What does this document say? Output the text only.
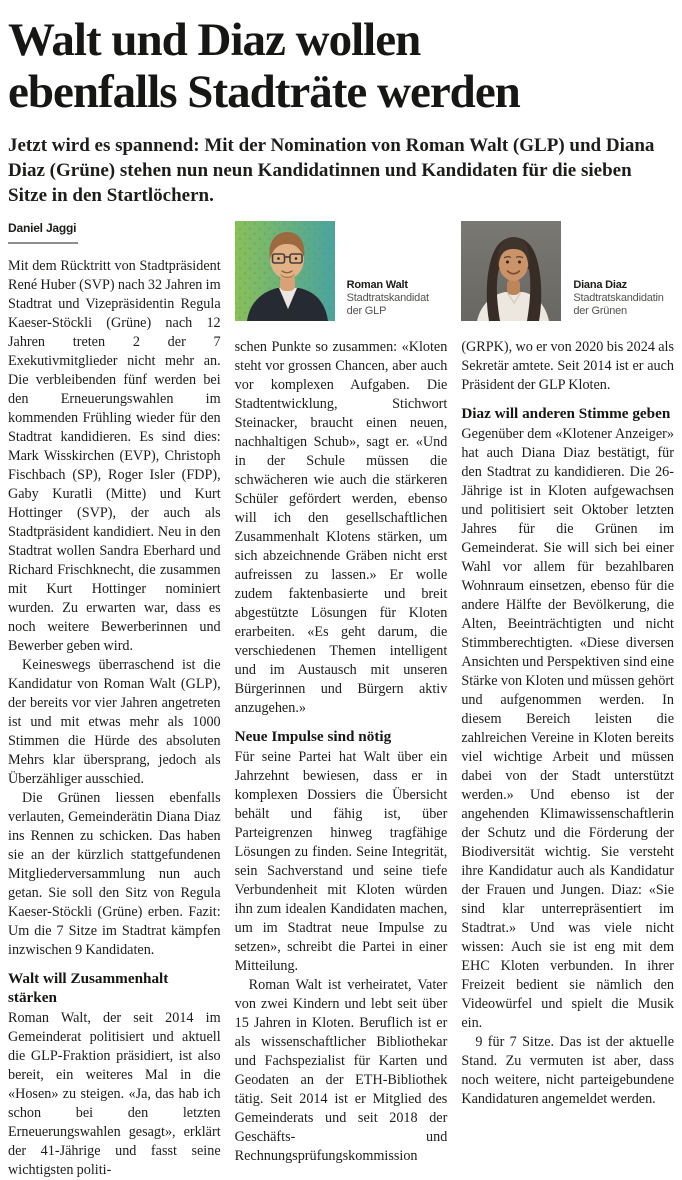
Walt und Diaz wollen
ebenfalls Stadträte werden

Jetzt wird es spannend: Mit der Nomination von Roman Walt (GLP) und Diana Diaz (Grüne) stehen nun neun Kandidatinnen und Kandidaten für die sieben Sitze in den Startlöchern.

Daniel Jaggi

Mit dem Rücktritt von Stadtpräsident René Huber (SVP) nach 32 Jahren im Stadtrat und Vizepräsidentin Regula Kaeser-Stöckli (Grüne) nach 12 Jahren treten 2 der 7 Exekutivmitglieder nicht mehr an. Die verbleibenden fünf werden bei den Erneuerungswahlen im kommenden Frühling wieder für den Stadtrat kandidieren. Es sind dies: Mark Wisskirchen (EVP), Christoph Fischbach (SP), Roger Isler (FDP), Gaby Kuratli (Mitte) und Kurt Hottinger (SVP), der auch als Stadtpräsident kandidiert. Neu in den Stadtrat wollen Sandra Eberhard und Richard Frischknecht, die zusammen mit Kurt Hottinger nominiert wurden. Zu erwarten war, dass es noch weitere Bewerberinnen und Bewerber geben wird.

Keineswegs überraschend ist die Kandidatur von Roman Walt (GLP), der bereits vor vier Jahren angetreten ist und mit etwas mehr als 1000 Stimmen die Hürde des absoluten Mehrs klar übersprang, jedoch als Überzähliger ausschied.

Die Grünen liessen ebenfalls verlauten, Gemeinderätin Diana Diaz ins Rennen zu schicken. Das haben sie an der kürzlich stattgefundenen Mitgliederversammlung nun auch getan. Sie soll den Sitz von Regula Kaeser-Stöckli (Grüne) erben. Fazit: Um die 7 Sitze im Stadtrat kämpfen inzwischen 9 Kandidaten.

Walt will Zusammenhalt stärken

Roman Walt, der seit 2014 im Gemeinderat politisiert und aktuell die GLP-Fraktion präsidiert, ist also bereit, ein weiteres Mal in die «Hosen» zu steigen. «Ja, das hab ich schon bei den letzten Erneuerungswahlen gesagt», erklärt der 41-Jährige und fasst seine wichtigsten politi-

Roman Walt
Stadtratskandidat
der GLP

schen Punkte so zusammen: «Kloten steht vor grossen Chancen, aber auch vor komplexen Aufgaben. Die Stadtentwicklung, Stichwort Steinacker, braucht einen neuen, nachhaltigen Schub», sagt er. «Und in der Schule müssen die schwächeren wie auch die stärkeren Schüler gefördert werden, ebenso will ich den gesellschaftlichen Zusammenhalt Klotens stärken, um sich abzeichnende Gräben nicht erst aufreissen zu lassen.» Er wolle zudem faktenbasierte und breit abgestützte Lösungen für Kloten erarbeiten. «Es geht darum, die verschiedenen Themen intelligent und im Austausch mit unseren Bürgerinnen und Bürgern aktiv anzugehen.»

Neue Impulse sind nötig

Für seine Partei hat Walt über ein Jahrzehnt bewiesen, dass er in komplexen Dossiers die Übersicht behält und fähig ist, über Parteigrenzen hinweg tragfähige Lösungen zu finden. Seine Integrität, sein Sachverstand und seine tiefe Verbundenheit mit Kloten würden ihn zum idealen Kandidaten machen, um im Stadtrat neue Impulse zu setzen», schreibt die Partei in einer Mitteilung.

Roman Walt ist verheiratet, Vater von zwei Kindern und lebt seit über 15 Jahren in Kloten. Beruflich ist er als wissenschaftlicher Bibliothekar und Fachspezialist für Karten und Geodaten an der ETH-Bibliothek tätig. Seit 2014 ist er Mitglied des Gemeinderats und seit 2018 der Geschäfts- und Rechnungsprüfungskommission

Diana Diaz
Stadtratskandidatin
der Grünen

(GRPK), wo er von 2020 bis 2024 als Sekretär amtete. Seit 2014 ist er auch Präsident der GLP Kloten.

Diaz will anderen Stimme geben

Gegenüber dem «Klotener Anzeiger» hat auch Diana Diaz bestätigt, für den Stadtrat zu kandidieren. Die 26-Jährige ist in Kloten aufgewachsen und politisiert seit Oktober letzten Jahres für die Grünen im Gemeinderat. Sie will sich bei einer Wahl vor allem für bezahlbaren Wohnraum einsetzen, ebenso für die andere Hälfte der Bevölkerung, die Alten, Beeinträchtigten und nicht Stimmberechtigten. «Diese diversen Ansichten und Perspektiven sind eine Stärke von Kloten und müssen gehört und aufgenommen werden. In diesem Bereich leisten die zahlreichen Vereine in Kloten bereits viel wichtige Arbeit und müssen dabei von der Stadt unterstützt werden.» Und ebenso ist der angehenden Klimawissenschaftlerin der Schutz und die Förderung der Biodiversität wichtig. Sie versteht ihre Kandidatur auch als Kandidatur der Frauen und Jungen. Diaz: «Sie sind klar unterrepräsentiert im Stadtrat.» Und was viele nicht wissen: Auch sie ist eng mit dem EHC Kloten verbunden. In ihrer Freizeit bedient sie nämlich den Videowürfel und spielt die Musik ein.

9 für 7 Sitze. Das ist der aktuelle Stand. Zu vermuten ist aber, dass noch weitere, nicht parteigebundene Kandidaturen angemeldet werden.
